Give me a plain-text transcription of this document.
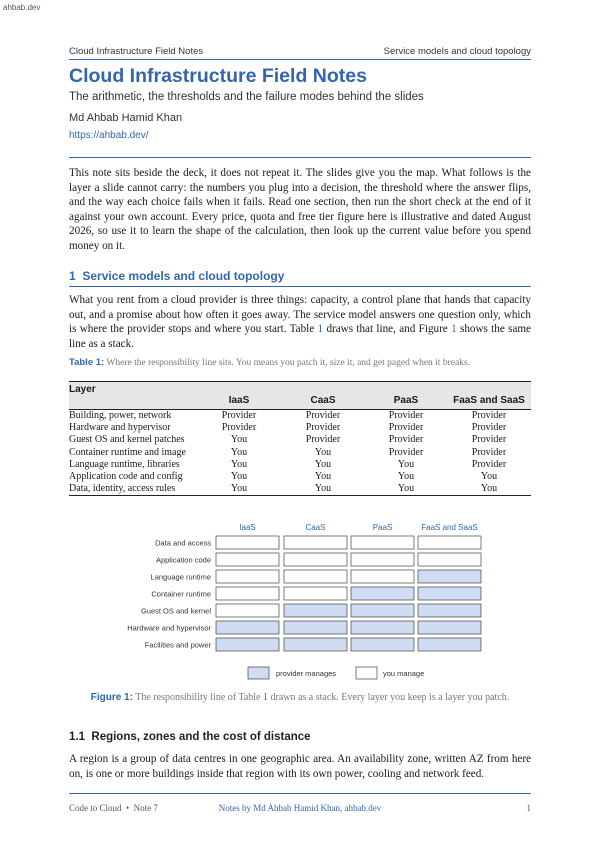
ahbab.dev
Cloud Infrastructure Field Notes	Service models and cloud topology
Cloud Infrastructure Field Notes
The arithmetic, the thresholds and the failure modes behind the slides
Md Ahbab Hamid Khan
https://ahbab.dev/
This note sits beside the deck, it does not repeat it. The slides give you the map. What follows is the layer a slide cannot carry: the numbers you plug into a decision, the threshold where the answer flips, and the way each choice fails when it fails. Read one section, then run the short check at the end of it against your own account. Every price, quota and free tier figure here is illustrative and dated August 2026, so use it to learn the shape of the calculation, then look up the current value before you spend money on it.
1 Service models and cloud topology
What you rent from a cloud provider is three things: capacity, a control plane that hands that capacity out, and a promise about how often it goes away. The service model answers one question only, which is where the provider stops and where you start. Table 1 draws that line, and Figure 1 shows the same line as a stack.
Table 1: Where the responsibility line sits. You means you patch it, size it, and get paged when it breaks.
Layer				
	IaaS	CaaS	PaaS	FaaS and SaaS
Building, power, network	Provider	Provider	Provider	Provider
Hardware and hypervisor	Provider	Provider	Provider	Provider
Guest OS and kernel patches	You	Provider	Provider	Provider
Container runtime and image	You	You	Provider	Provider
Language runtime, libraries	You	You	You	Provider
Application code and config	You	You	You	You
Data, identity, access rules	You	You	You	You
IaaS	CaaS	PaaS	FaaS and SaaS
Data and access
Application code
Language runtime
Container runtime
Guest OS and kernel
Hardware and hypervisor
Facilities and power
provider manages	you manage
Figure 1: The responsibility line of Table 1 drawn as a stack. Every layer you keep is a layer you patch.
1.1 Regions, zones and the cost of distance
A region is a group of data centres in one geographic area. An availability zone, written AZ from here on, is one or more buildings inside that region with its own power, cooling and network feed.
Code to Cloud • Note 7	Notes by Md Ahbab Hamid Khan, ahbab.dev	1
